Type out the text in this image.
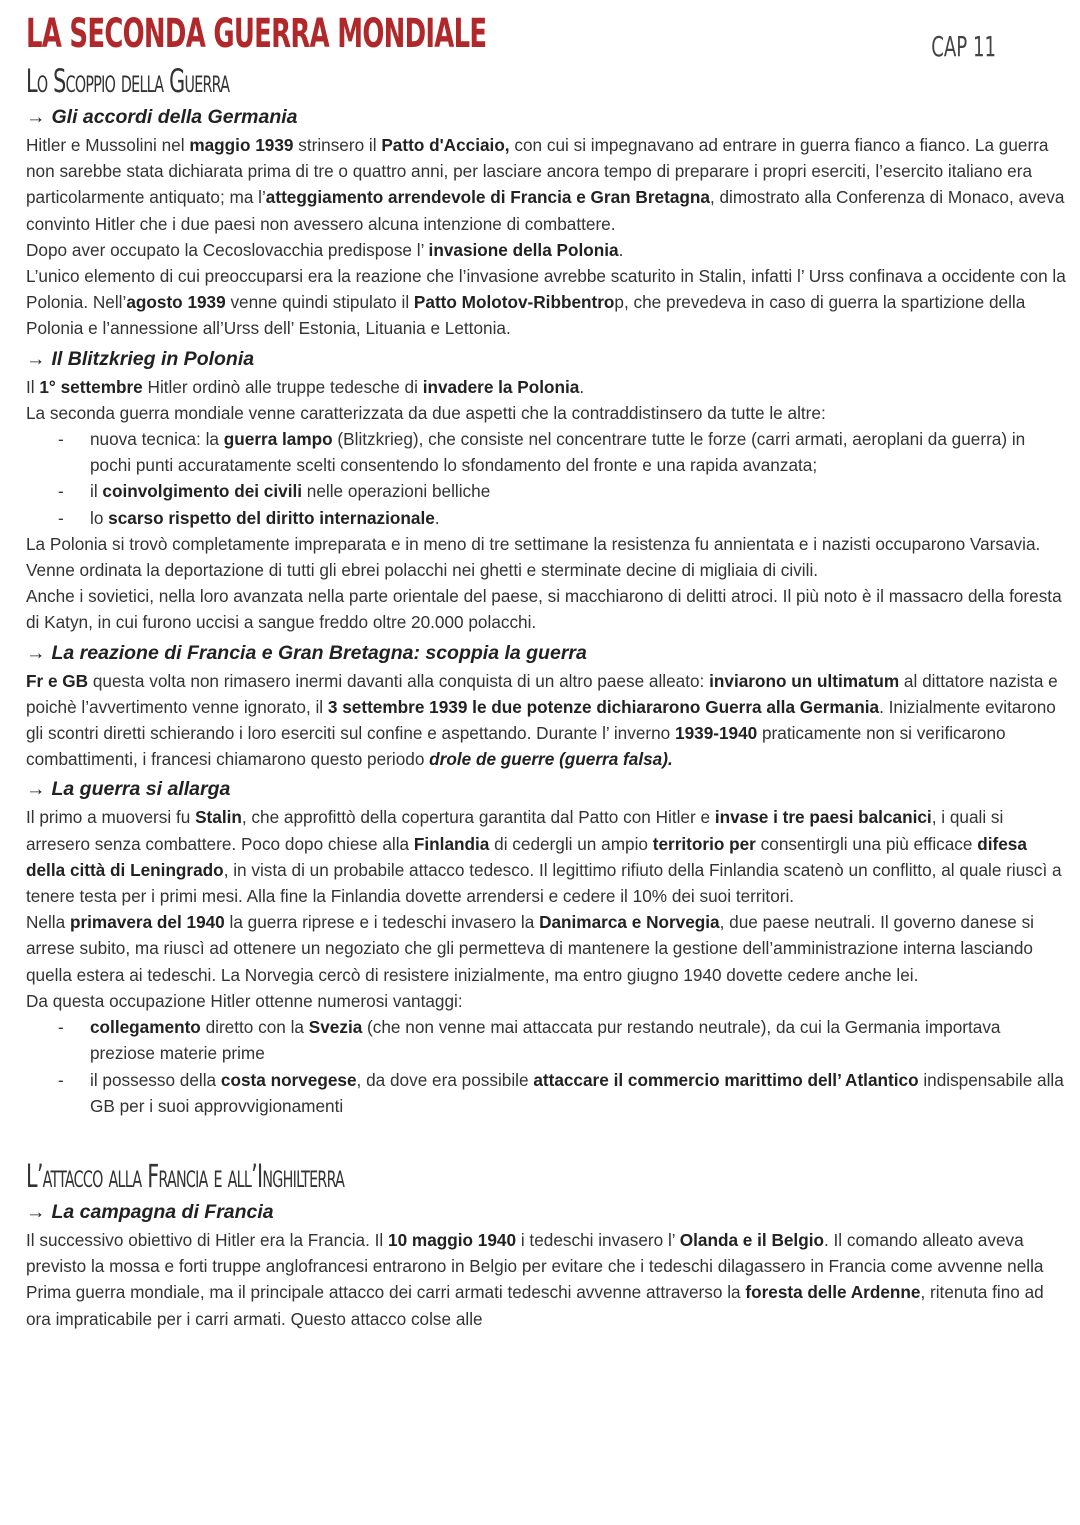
LA SECONDA GUERRA MONDIALE	CAP 11
Lo Scoppio della Guerra
→ Gli accordi della Germania

Hitler e Mussolini nel maggio 1939 strinsero il Patto d'Acciaio, con cui si impegnavano ad entrare in guerra fianco a fianco. La guerra non sarebbe stata dichiarata prima di tre o quattro anni, per lasciare ancora tempo di preparare i propri eserciti, l’esercito italiano era particolarmente antiquato; ma l’atteggiamento arrendevole di Francia e Gran Bretagna, dimostrato alla Conferenza di Monaco, aveva convinto Hitler che i due paesi non avessero alcuna intenzione di combattere.

Dopo aver occupato la Cecoslovacchia predispose l’ invasione della Polonia.

L’unico elemento di cui preoccuparsi era la reazione che l’invasione avrebbe scaturito in Stalin, infatti l’ Urss confinava a occidente con la Polonia. Nell’agosto 1939 venne quindi stipulato il Patto Molotov-Ribbentrop, che prevedeva in caso di guerra la spartizione della Polonia e l’annessione all’Urss dell’ Estonia, Lituania e Lettonia.

→ Il Blitzkrieg in Polonia

Il 1° settembre Hitler ordinò alle truppe tedesche di invadere la Polonia.

La seconda guerra mondiale venne caratterizzata da due aspetti che la contraddistinsero da tutte le altre:

- nuova tecnica: la guerra lampo (Blitzkrieg), che consiste nel concentrare tutte le forze (carri armati, aeroplani da guerra) in pochi punti accuratamente scelti consentendo lo sfondamento del fronte e una rapida avanzata;
- il coinvolgimento dei civili nelle operazioni belliche
- lo scarso rispetto del diritto internazionale.

La Polonia si trovò completamente impreparata e in meno di tre settimane la resistenza fu annientata e i nazisti occuparono Varsavia. Venne ordinata la deportazione di tutti gli ebrei polacchi nei ghetti e sterminate decine di migliaia di civili.

Anche i sovietici, nella loro avanzata nella parte orientale del paese, si macchiarono di delitti atroci. Il più noto è il massacro della foresta di Katyn, in cui furono uccisi a sangue freddo oltre 20.000 polacchi.

→ La reazione di Francia e Gran Bretagna: scoppia la guerra

Fr e GB questa volta non rimasero inermi davanti alla conquista di un altro paese alleato: inviarono un ultimatum al dittatore nazista e poichè l’avvertimento venne ignorato, il 3 settembre 1939 le due potenze dichiararono Guerra alla Germania. Inizialmente evitarono gli scontri diretti schierando i loro eserciti sul confine e aspettando. Durante l’ inverno 1939-1940 praticamente non si verificarono combattimenti, i francesi chiamarono questo periodo drole de guerre (guerra falsa).

→ La guerra si allarga

Il primo a muoversi fu Stalin, che approfittò della copertura garantita dal Patto con Hitler e invase i tre paesi balcanici, i quali si arresero senza combattere. Poco dopo chiese alla Finlandia di cedergli un ampio territorio per consentirgli una più efficace difesa della città di Leningrado, in vista di un probabile attacco tedesco. Il legittimo rifiuto della Finlandia scatenò un conflitto, al quale riuscì a tenere testa per i primi mesi. Alla fine la Finlandia dovette arrendersi e cedere il 10% dei suoi territori.

Nella primavera del 1940 la guerra riprese e i tedeschi invasero la Danimarca e Norvegia, due paese neutrali. Il governo danese si arrese subito, ma riuscì ad ottenere un negoziato che gli permetteva di mantenere la gestione dell’amministrazione interna lasciando quella estera ai tedeschi. La Norvegia cercò di resistere inizialmente, ma entro giugno 1940 dovette cedere anche lei.

Da questa occupazione Hitler ottenne numerosi vantaggi:

- collegamento diretto con la Svezia (che non venne mai attaccata pur restando neutrale), da cui la Germania importava preziose materie prime
- il possesso della costa norvegese, da dove era possibile attaccare il commercio marittimo dell’ Atlantico indispensabile alla GB per i suoi approvvigionamenti
L’attacco alla Francia e all’Inghilterra
→ La campagna di Francia

Il successivo obiettivo di Hitler era la Francia. Il 10 maggio 1940 i tedeschi invasero l’ Olanda e il Belgio. Il comando alleato aveva previsto la mossa e forti truppe anglofrancesi entrarono in Belgio per evitare che i tedeschi dilagassero in Francia come avvenne nella Prima guerra mondiale, ma il principale attacco dei carri armati tedeschi avvenne attraverso la foresta delle Ardenne, ritenuta fino ad ora impraticabile per i carri armati. Questo attacco colse alle
